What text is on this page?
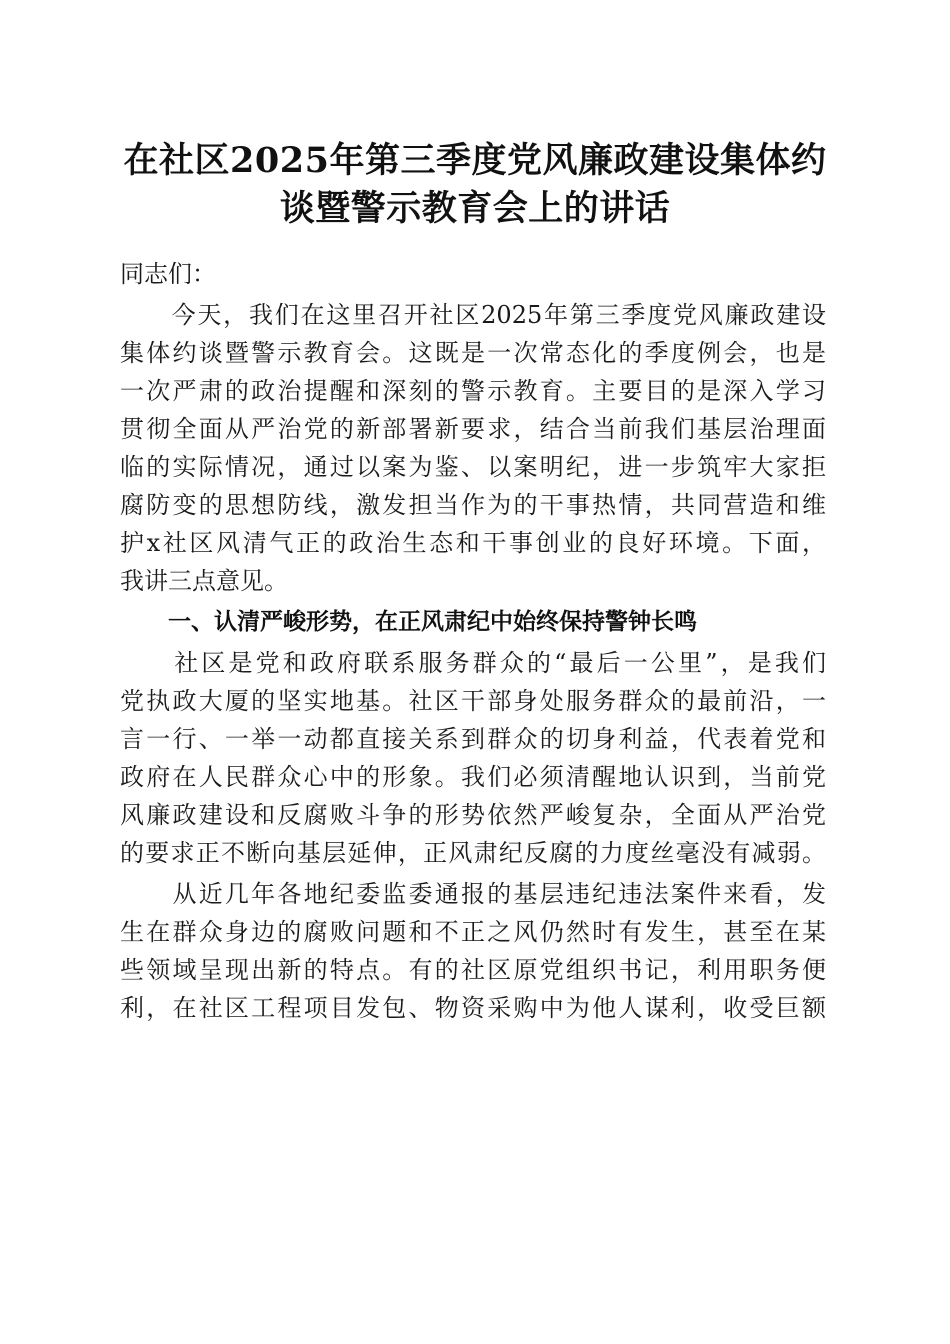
在社区2025年第三季度党风廉政建设集体约
谈暨警示教育会上的讲话
同志们：
　　今天，我们在这里召开社区2025年第三季度党风廉政建设
集体约谈暨警示教育会。这既是一次常态化的季度例会，也是
一次严肃的政治提醒和深刻的警示教育。主要目的是深入学习
贯彻全面从严治党的新部署新要求，结合当前我们基层治理面
临的实际情况，通过以案为鉴、以案明纪，进一步筑牢大家拒
腐防变的思想防线，激发担当作为的干事热情，共同营造和维
护x社区风清气正的政治生态和干事创业的良好环境。下面，
我讲三点意见。
一、认清严峻形势，在正风肃纪中始终保持警钟长鸣
　　社区是党和政府联系服务群众的“最后一公里”，是我们
党执政大厦的坚实地基。社区干部身处服务群众的最前沿，一
言一行、一举一动都直接关系到群众的切身利益，代表着党和
政府在人民群众心中的形象。我们必须清醒地认识到，当前党
风廉政建设和反腐败斗争的形势依然严峻复杂，全面从严治党
的要求正不断向基层延伸，正风肃纪反腐的力度丝毫没有减弱。
　　从近几年各地纪委监委通报的基层违纪违法案件来看，发
生在群众身边的腐败问题和不正之风仍然时有发生，甚至在某
些领域呈现出新的特点。有的社区原党组织书记，利用职务便
利，在社区工程项目发包、物资采购中为他人谋利，收受巨额
